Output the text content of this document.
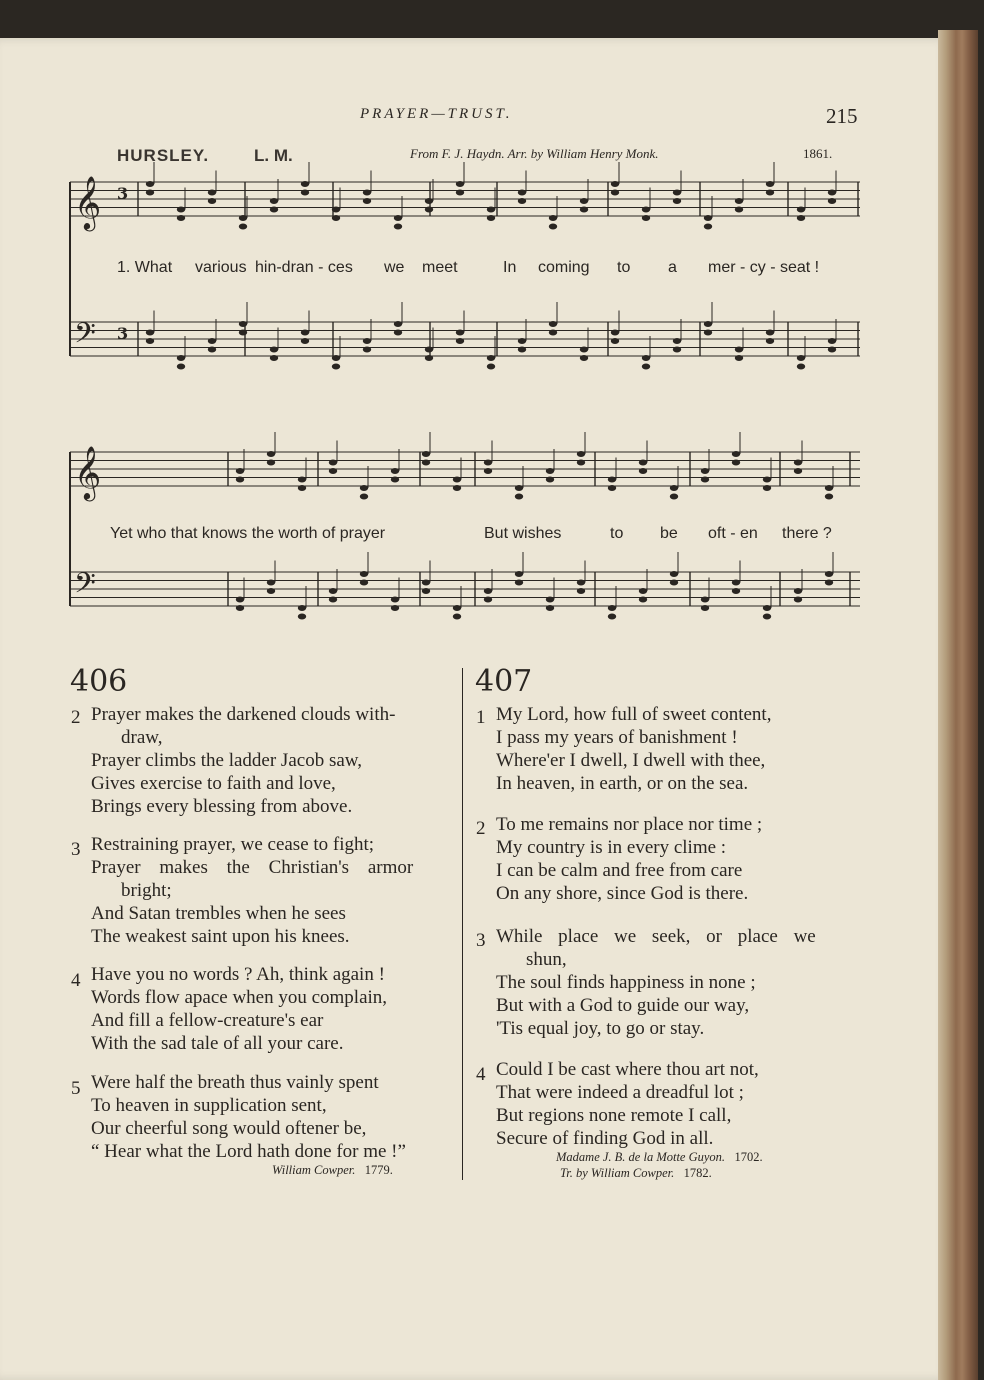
PRAYER—TRUST.	215
HURSLEY.	L. M.	From F. J. Haydn. Arr. by William Henry Monk.	1861.
𝄞
𝄢
𝄞
𝄢
3
3
1. What various hin-dran - ces we meet	In coming to a mer - cy - seat !
Yet who that knows the worth of prayer	But wishes	to be oft - en there ?
406
2 Prayer makes the darkened clouds with-
draw,
Prayer climbs the ladder Jacob saw,
Gives exercise to faith and love,
Brings every blessing from above.
3 Restraining prayer, we cease to fight;
Prayer makes the Christian's armor
bright;
And Satan trembles when he sees
The weakest saint upon his knees.
4 Have you no words ? Ah, think again !
Words flow apace when you complain,
And fill a fellow-creature's ear
With the sad tale of all your care.
5 Were half the breath thus vainly spent
To heaven in supplication sent,
Our cheerful song would oftener be,
“ Hear what the Lord hath done for me !”
William Cowper. 1779.
407
1 My Lord, how full of sweet content,
I pass my years of banishment !
Where'er I dwell, I dwell with thee,
In heaven, in earth, or on the sea.
2 To me remains nor place nor time ;
My country is in every clime :
I can be calm and free from care
On any shore, since God is there.
3 While place we seek, or place we
shun,
The soul finds happiness in none ;
But with a God to guide our way,
'Tis equal joy, to go or stay.
4 Could I be cast where thou art not,
That were indeed a dreadful lot ;
But regions none remote I call,
Secure of finding God in all.
Madame J. B. de la Motte Guyon. 1702.
Tr. by William Cowper. 1782.
